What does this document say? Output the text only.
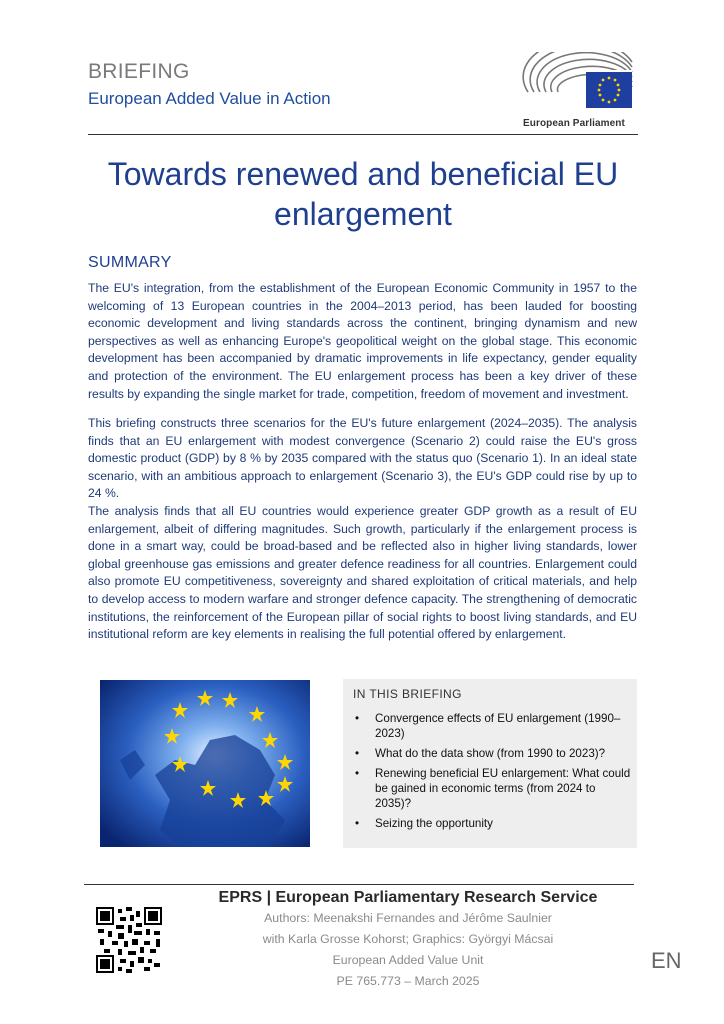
BRIEFING
European Added Value in Action
European Parliament
Towards renewed and beneficial EU enlargement
SUMMARY
The EU's integration, from the establishment of the European Economic Community in 1957 to the welcoming of 13 European countries in the 2004–2013 period, has been lauded for boosting economic development and living standards across the continent, bringing dynamism and new perspectives as well as enhancing Europe's geopolitical weight on the global stage. This economic development has been accompanied by dramatic improvements in life expectancy, gender equality and protection of the environment. The EU enlargement process has been a key driver of these results by expanding the single market for trade, competition, freedom of movement and investment.
This briefing constructs three scenarios for the EU's future enlargement (2024–2035). The analysis finds that an EU enlargement with modest convergence (Scenario 2) could raise the EU's gross domestic product (GDP) by 8 % by 2035 compared with the status quo (Scenario 1). In an ideal state scenario, with an ambitious approach to enlargement (Scenario 3), the EU's GDP could rise by up to 24 %.
The analysis finds that all EU countries would experience greater GDP growth as a result of EU enlargement, albeit of differing magnitudes. Such growth, particularly if the enlargement process is done in a smart way, could be broad-based and be reflected also in higher living standards, lower global greenhouse gas emissions and greater defence readiness for all countries. Enlargement could also promote EU competitiveness, sovereignty and shared exploitation of critical materials, and help to develop access to modern warfare and stronger defence capacity. The strengthening of democratic institutions, the reinforcement of the European pillar of social rights to boost living standards, and EU institutional reform are key elements in realising the full potential offered by enlargement.
IN THIS BRIEFING
• Convergence effects of EU enlargement (1990–2023)
• What do the data show (from 1990 to 2023)?
• Renewing beneficial EU enlargement: What could be gained in economic terms (from 2024 to 2035)?
• Seizing the opportunity
EPRS | European Parliamentary Research Service
Authors: Meenakshi Fernandes and Jérôme Saulnier
with Karla Grosse Kohorst; Graphics: Györgyi Mácsai
European Added Value Unit
PE 765.773 – March 2025
EN
